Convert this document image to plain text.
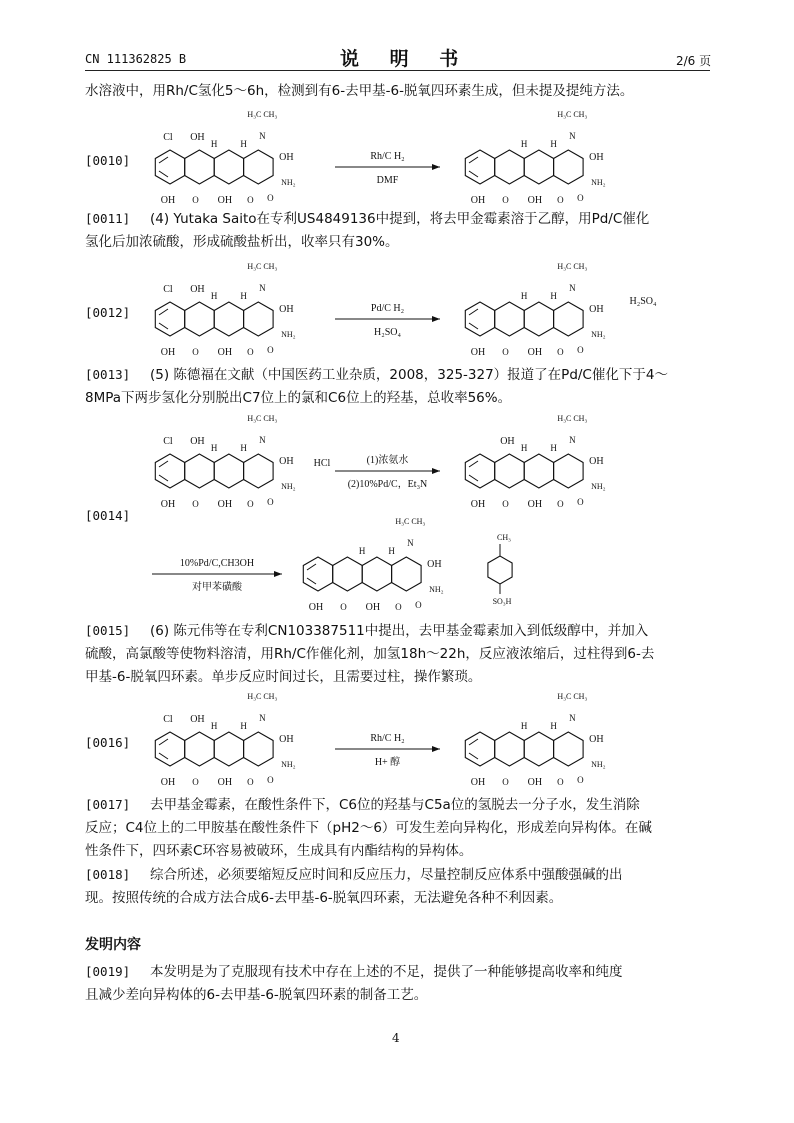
CN 111362825 B	说 明 书	2/6 页
水溶液中，用Rh/C氢化5～6h，检测到有6-去甲基-6-脱氧四环素生成，但未提及提纯方法。
[0010]
Cl OH
H	H
H₃C CH₃
N
OH
NH₂
O
OH O OH O
Rh/C H₂
DMF
H	H
H₃C CH₃
N
OH
NH₂
O
OH O OH O
[0011] (4) Yutaka Saito在专利US4849136中提到，将去甲金霉素溶于乙醇，用Pd/C催化
氢化后加浓硫酸，形成硫酸盐析出，收率只有30%。
[0012]
Cl OH
H	H
H₃C CH₃
N
OH
NH₂
O
OH O OH O
Pd/C H₂
H₂SO₄
H	H
H₃C CH₃
N
OH
NH₂
O
OH O OH O
H₂SO₄
[0013] (5) 陈德福在文献（中国医药工业杂质，2008，325-327）报道了在Pd/C催化下于4～
8MPa下两步氢化分别脱出C7位上的氯和C6位上的羟基，总收率56%。
[0014]
Cl OH
H	H
H₃C CH₃
N
OH
NH₂
O
OH O OH O
(1)浓氨水
(2)10%Pd/C，Et₃N
OH
H	H
H₃C CH₃
N
OH
NH₂
O
OH O OH O
HCl
10%Pd/C,CH3OH
对甲苯磺酸
H	H
H₃C CH₃
N
OH
NH₂
O
OH O OH O
CH₃
SO₃H
[0015] (6) 陈元伟等在专利CN103387511中提出，去甲基金霉素加入到低级醇中，并加入
硫酸，高氯酸等使物料溶清，用Rh/C作催化剂，加氢18h～22h，反应液浓缩后，过柱得到6-去
甲基-6-脱氧四环素。单步反应时间过长，且需要过柱，操作繁琐。
[0016]
Cl OH
H	H
H₃C CH₃
N
OH
NH₂
O
OH O OH O
Rh/C H₂
H+ 醇
H	H
H₃C CH₃
N
OH
NH₂
O
OH O OH O
[0017] 去甲基金霉素，在酸性条件下，C6位的羟基与C5a位的氢脱去一分子水，发生消除
反应；C4位上的二甲胺基在酸性条件下（pH2～6）可发生差向异构化，形成差向异构体。在碱
性条件下，四环素C环容易被破环，生成具有内酯结构的异构体。
[0018] 综合所述，必须要缩短反应时间和反应压力，尽量控制反应体系中强酸强碱的出
现。按照传统的合成方法合成6-去甲基-6-脱氧四环素，无法避免各种不利因素。
发明内容
[0019] 本发明是为了克服现有技术中存在上述的不足，提供了一种能够提高收率和纯度
且减少差向异构体的6-去甲基-6-脱氧四环素的制备工艺。
4
